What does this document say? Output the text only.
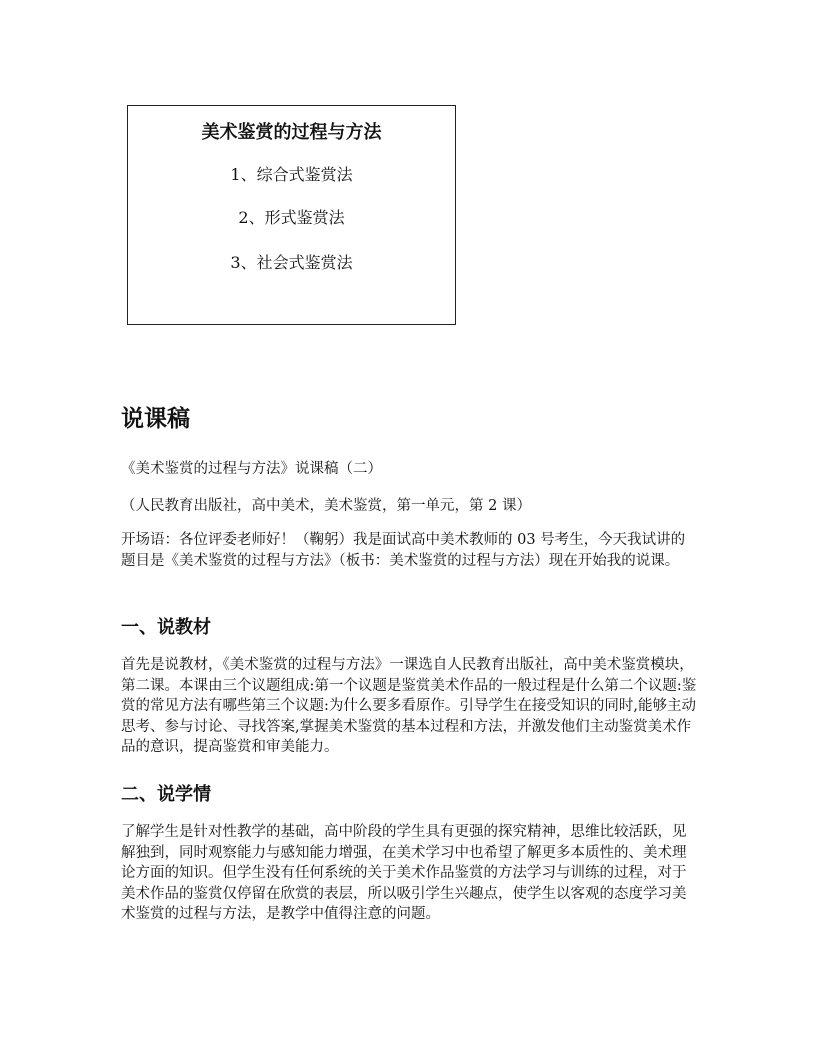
美术鉴赏的过程与方法
1、综合式鉴赏法
2、形式鉴赏法
3、社会式鉴赏法
说课稿
《美术鉴赏的过程与方法》说课稿（二）
（人民教育出版社，高中美术，美术鉴赏，第一单元，第 2 课）

开场语：各位评委老师好！（鞠躬）我是面试高中美术教师的 03 号考生，今天我试讲的题目是《美术鉴赏的过程与方法》（板书：美术鉴赏的过程与方法）现在开始我的说课。

一、说教材

首先是说教材，《美术鉴赏的过程与方法》一课选自人民教育出版社，高中美术鉴赏模块，第二课。本课由三个议题组成:第一个议题是鉴赏美术作品的一般过程是什么第二个议题:鉴赏的常见方法有哪些第三个议题:为什么要多看原作。引导学生在接受知识的同时,能够主动思考、参与讨论、寻找答案,掌握美术鉴赏的基本过程和方法，并激发他们主动鉴赏美术作品的意识，提高鉴赏和审美能力。

二、说学情

了解学生是针对性教学的基础，高中阶段的学生具有更强的探究精神，思维比较活跃，见解独到，同时观察能力与感知能力增强，在美术学习中也希望了解更多本质性的、美术理论方面的知识。但学生没有任何系统的关于美术作品鉴赏的方法学习与训练的过程，对于美术作品的鉴赏仅停留在欣赏的表层，所以吸引学生兴趣点，使学生以客观的态度学习美术鉴赏的过程与方法，是教学中值得注意的问题。
